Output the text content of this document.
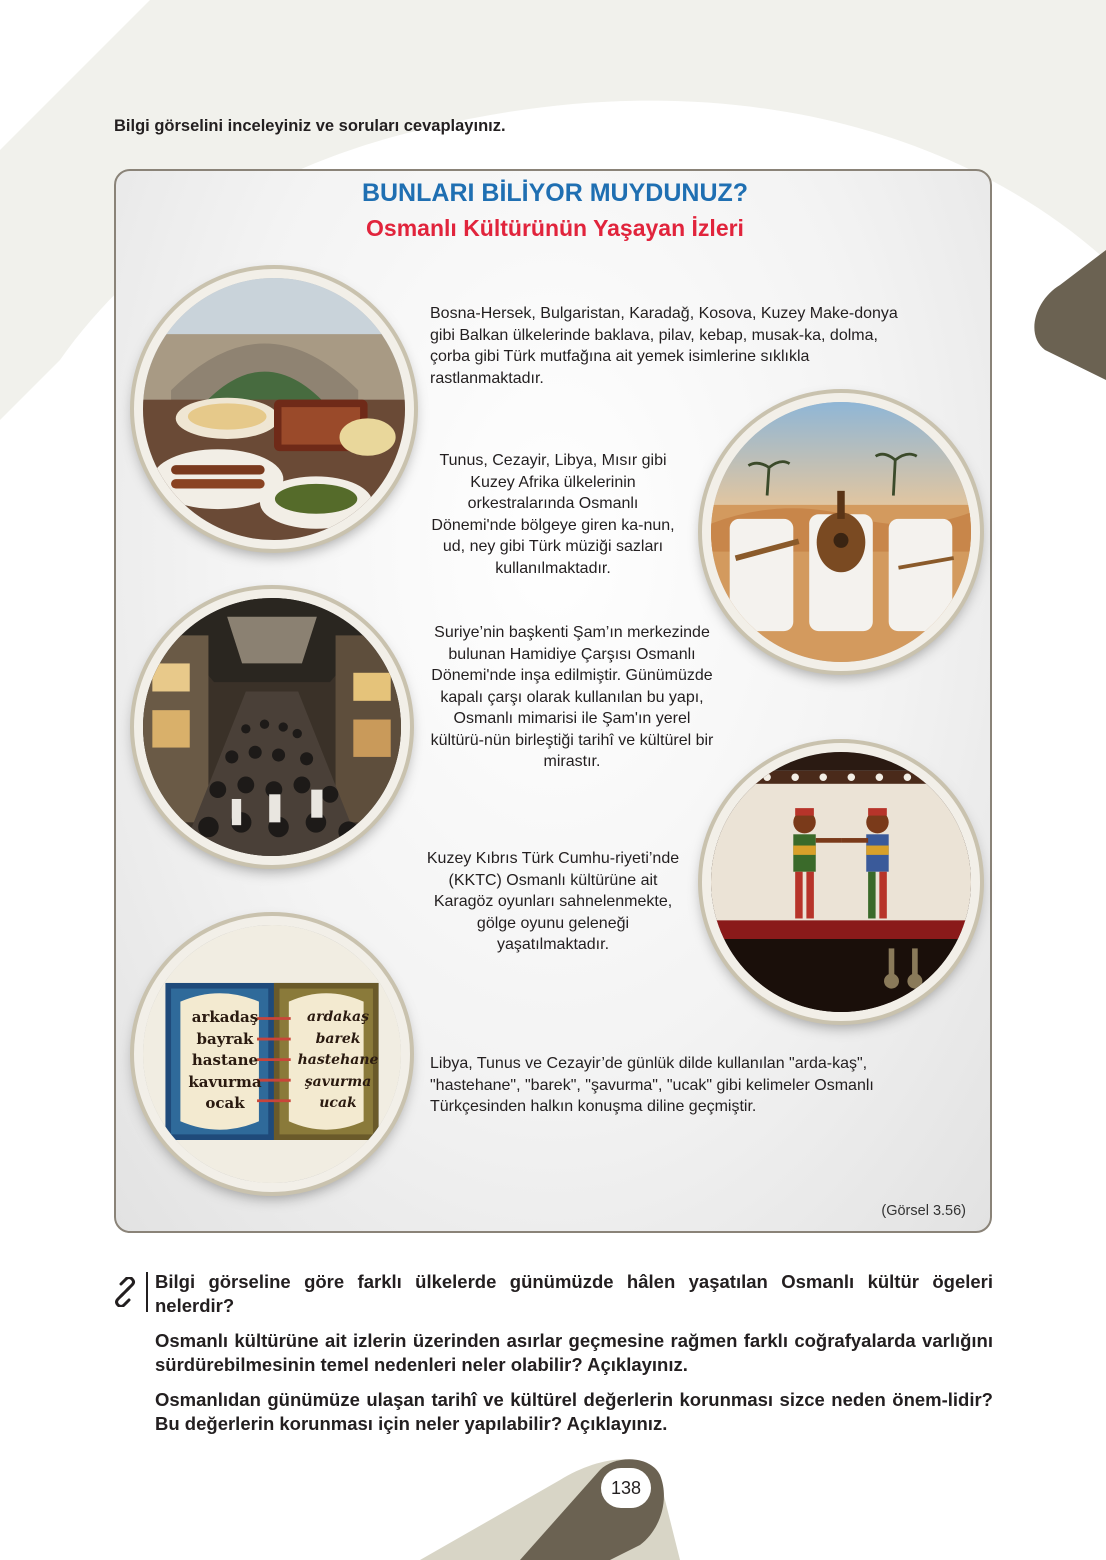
Bilgi görselini inceleyiniz ve soruları cevaplayınız.
BUNLARI BİLİYOR MUYDUNUZ?
Osmanlı Kültürünün Yaşayan İzleri
Bosna-Hersek, Bulgaristan, Karadağ, Kosova, Kuzey Make-donya gibi Balkan ülkelerinde baklava, pilav, kebap, musak-ka, dolma, çorba gibi Türk mutfağına ait yemek isimlerine sıklıkla rastlanmaktadır.
Tunus, Cezayir, Libya, Mısır gibi Kuzey Afrika ülkelerinin orkestralarında Osmanlı Dönemi'nde bölgeye giren ka-nun, ud, ney gibi Türk müziği sazları kullanılmaktadır.
Suriye’nin başkenti Şam’ın merkezinde bulunan Hamidiye Çarşısı Osmanlı Dönemi'nde inşa edilmiştir. Günümüzde kapalı çarşı olarak kullanılan bu yapı, Osmanlı mimarisi ile Şam'ın yerel kültürü-nün birleştiği tarihî ve kültürel bir mirastır.
Kuzey Kıbrıs Türk Cumhu-riyeti’nde (KKTC) Osmanlı kültürüne ait Karagöz oyunları sahnelenmekte, gölge oyunu geleneği yaşatılmaktadır.
arkadaş
bayrak
hastane
kavurma
ocak
ardakaş
barek
hastehane
şavurma
ucak
Libya, Tunus ve Cezayir’de günlük dilde kullanılan "arda-kaş", "hastehane", "barek", "şavurma", "ucak" gibi kelimeler Osmanlı Türkçesinden halkın konuşma diline geçmiştir.
(Görsel 3.56)
Bilgi görseline göre farklı ülkelerde günümüzde hâlen yaşatılan Osmanlı kültür ögeleri nelerdir?
Osmanlı kültürüne ait izlerin üzerinden asırlar geçmesine rağmen farklı coğrafyalarda varlığını sürdürebilmesinin temel nedenleri neler olabilir? Açıklayınız.
Osmanlıdan günümüze ulaşan tarihî ve kültürel değerlerin korunması sizce neden önem-lidir? Bu değerlerin korunması için neler yapılabilir? Açıklayınız.
138
